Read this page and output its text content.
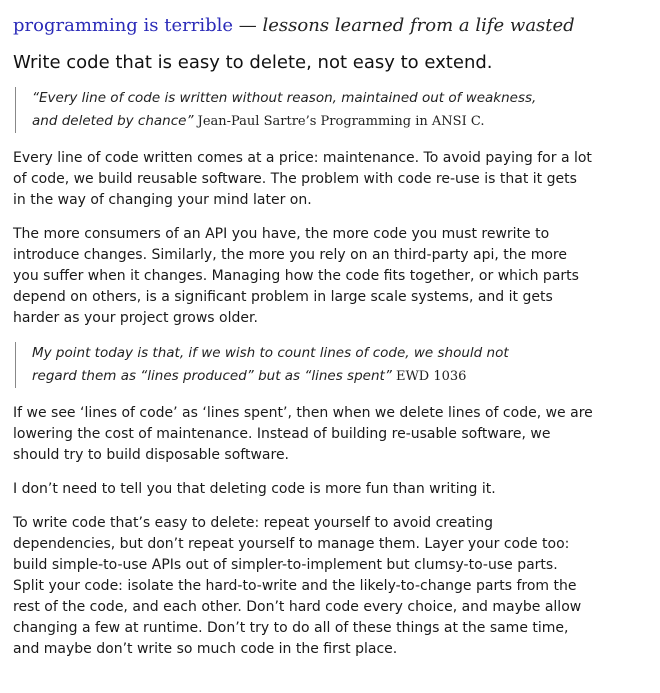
programming is terrible — lessons learned from a life wasted
Write code that is easy to delete, not easy to extend.
“Every line of code is written without reason, maintained out of weakness,
and deleted by chance” Jean-Paul Sartre’s Programming in ANSI C.

Every line of code written comes at a price: maintenance. To avoid paying for a lot
of code, we build reusable software. The problem with code re-use is that it gets
in the way of changing your mind later on.

The more consumers of an API you have, the more code you must rewrite to
introduce changes. Similarly, the more you rely on an third-party api, the more
you suffer when it changes. Managing how the code fits together, or which parts
depend on others, is a significant problem in large scale systems, and it gets
harder as your project grows older.

My point today is that, if we wish to count lines of code, we should not
regard them as “lines produced” but as “lines spent” EWD 1036

If we see ‘lines of code’ as ‘lines spent’, then when we delete lines of code, we are
lowering the cost of maintenance. Instead of building re-usable software, we
should try to build disposable software.

I don’t need to tell you that deleting code is more fun than writing it.

To write code that’s easy to delete: repeat yourself to avoid creating
dependencies, but don’t repeat yourself to manage them. Layer your code too:
build simple-to-use APIs out of simpler-to-implement but clumsy-to-use parts.
Split your code: isolate the hard-to-write and the likely-to-change parts from the
rest of the code, and each other. Don’t hard code every choice, and maybe allow
changing a few at runtime. Don’t try to do all of these things at the same time,
and maybe don’t write so much code in the first place.
